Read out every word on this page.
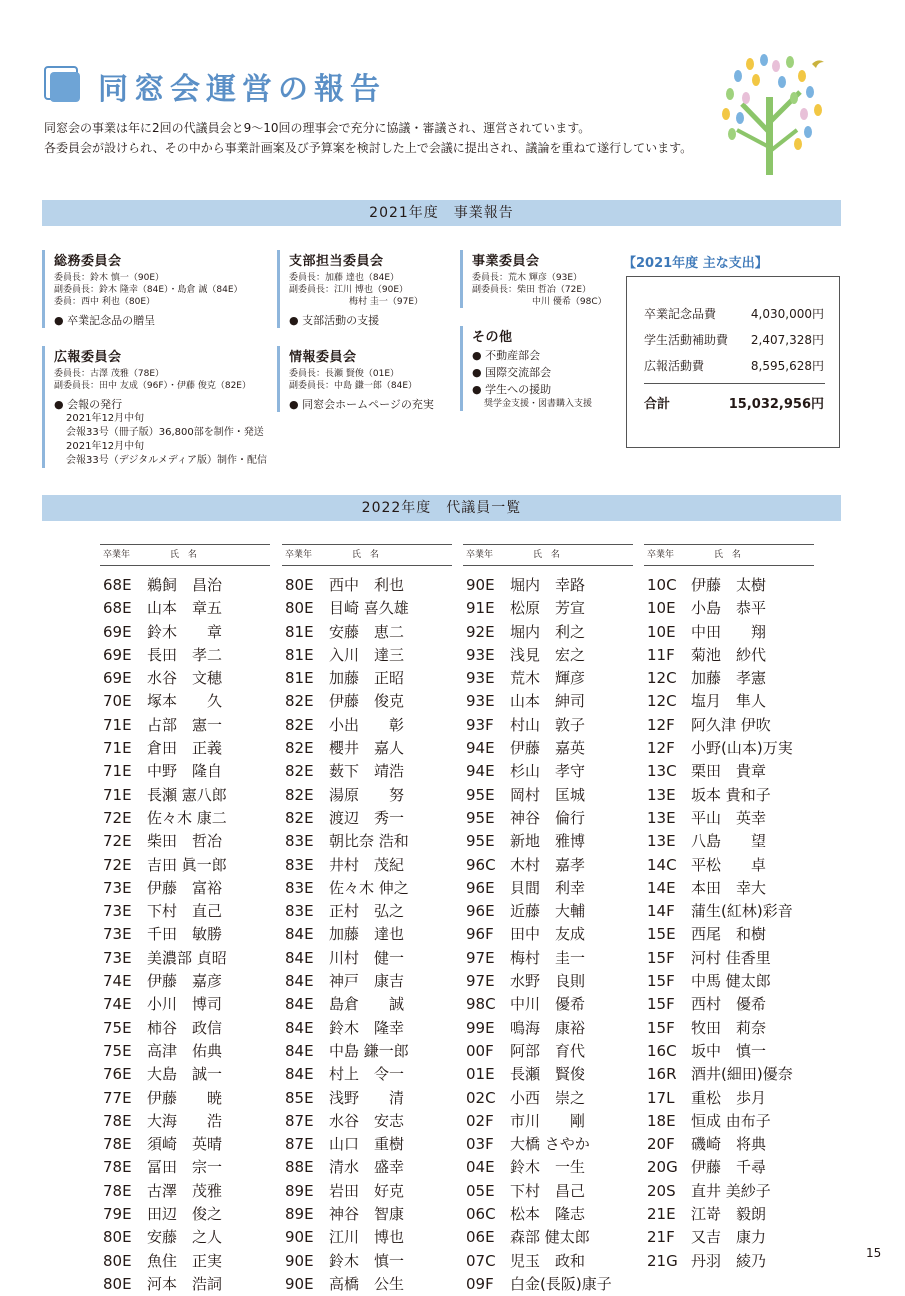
同窓会運営の報告
同窓会の事業は年に2回の代議員会と9〜10回の理事会で充分に協議・審議され、運営されています。
各委員会が設けられ、その中から事業計画案及び予算案を検討した上で会議に提出され、議論を重ねて遂行しています。
2021年度　事業報告
総務委員会
委員長：鈴木 慎一（90E）
副委員長：鈴木 隆幸（84E）・島倉 誠（84E）
委員：西中 利也（80E）
● 卒業記念品の贈呈
広報委員会
委員長：古澤 茂雅（78E）
副委員長：田中 友成（96F）・伊藤 俊克（82E）
● 会報の発行
2021年12月中旬
会報33号（冊子版）36,800部を制作・発送
2021年12月中旬
会報33号（デジタルメディア版）制作・配信
支部担当委員会
委員長：加藤 達也（84E）
副委員長：江川 博也（90E）
梅村 圭一（97E）
● 支部活動の支援
情報委員会
委員長：長瀬 賢俊（01E）
副委員長：中島 鎌一郎（84E）
● 同窓会ホームページの充実
事業委員会
委員長：荒木 輝彦（93E）
副委員長：柴田 哲冶（72E）
中川 優希（98C）
その他
● 不動産部会
● 国際交流部会
● 学生への援助
奨学金支援・図書購入支援
【2021年度 主な支出】
卒業記念品費	4,030,000円
学生活動補助費 2,407,328円
広報活動費	8,595,628円
合計	15,032,956円
2022年度　代議員一覧
卒業年	氏 名
68E 鵜飼　昌治
68E 山本　章五
69E 鈴木　　章
69E 長田　孝二
69E 水谷　文穂
70E 塚本　　久
71E 占部　憲一
71E 倉田　正義
71E 中野　隆自
71E 長瀬 憲八郎
72E 佐々木 康二
72E 柴田　哲冶
72E 吉田 眞一郎
73E 伊藤　富裕
73E 下村　直己
73E 千田　敏勝
73E 美濃部 貞昭
74E 伊藤　嘉彦
74E 小川　博司
75E 柿谷　政信
75E 高津　佑典
76E 大島　誠一
77E 伊藤　　暁
78E 大海　　浩
78E 須崎　英晴
78E 冨田　宗一
78E 古澤　茂雅
79E 田辺　俊之
80E 安藤　之人
80E 魚住　正実
80E 河本　浩詞
卒業年	氏 名
80E 西中　利也
80E 目崎 喜久雄
81E 安藤　恵二
81E 入川　達三
81E 加藤　正昭
82E 伊藤　俊克
82E 小出　　彰
82E 櫻井　嘉人
82E 薮下　靖浩
82E 湯原　　努
82E 渡辺　秀一
83E 朝比奈 浩和
83E 井村　茂紀
83E 佐々木 伸之
83E 正村　弘之
84E 加藤　達也
84E 川村　健一
84E 神戸　康吉
84E 島倉　　誠
84E 鈴木　隆幸
84E 中島 鎌一郎
84E 村上　令一
85E 浅野　　清
87E 水谷　安志
87E 山口　重樹
88E 清水　盛幸
89E 岩田　好克
89E 神谷　智康
90E 江川　博也
90E 鈴木　慎一
90E 高橋　公生
卒業年	氏 名
90E 堀内　幸路
91E 松原　芳宣
92E 堀内　利之
93E 浅見　宏之
93E 荒木　輝彦
93E 山本　紳司
93F 村山　敦子
94E 伊藤　嘉英
94E 杉山　孝守
95E 岡村　匡城
95E 神谷　倫行
95E 新地　雅博
96C 木村　嘉孝
96E 貝間　利幸
96E 近藤　大輔
96F 田中　友成
97E 梅村　圭一
97E 水野　良則
98C 中川　優希
99E 鳴海　康裕
00F 阿部　育代
01E 長瀬　賢俊
02C 小西　崇之
02F 市川　　剛
03F 大橋 さやか
04E 鈴木　一生
05E 下村　昌己
06C 松本　隆志
06E 森部 健太郎
07C 児玉　政和
09F 白金(長阪)康子
卒業年	氏 名
10C 伊藤　太樹
10E 小島　恭平
10E 中田　　翔
11F 菊池　紗代
12C 加藤　孝憲
12C 塩月　隼人
12F 阿久津 伊吹
12F 小野(山本)万実
13C 栗田　貴章
13E 坂本 貴和子
13E 平山　英幸
13E 八島　　望
14C 平松　　卓
14E 本田　幸大
14F 蒲生(紅林)彩音
15E 西尾　和樹
15F 河村 佳香里
15F 中馬 健太郎
15F 西村　優希
15F 牧田　莉奈
16C 坂中　慎一
16R 酒井(細田)優奈
17L 重松　歩月
18E 恒成 由布子
20F 磯崎　将典
20G 伊藤　千尋
20S 直井 美紗子
21E 江嵜　毅朗
21F 又吉　康力
21G 丹羽　綾乃	15
